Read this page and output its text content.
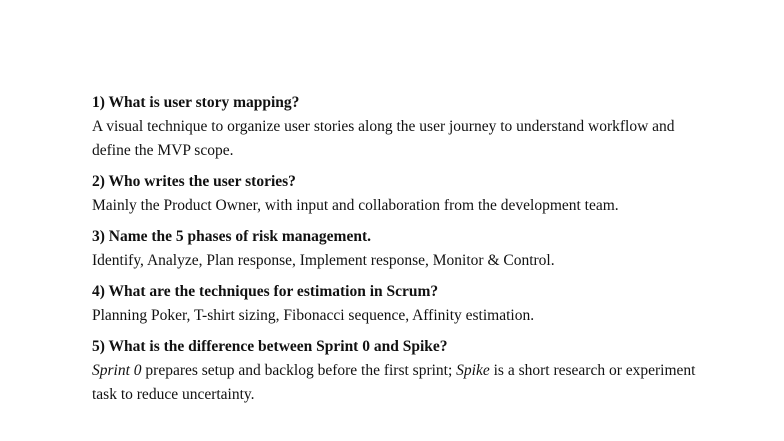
1) What is user story mapping?

A visual technique to organize user stories along the user journey to understand workflow and define the MVP scope.

2) Who writes the user stories?

Mainly the Product Owner, with input and collaboration from the development team.

3) Name the 5 phases of risk management.

Identify, Analyze, Plan response, Implement response, Monitor & Control.

4) What are the techniques for estimation in Scrum?

Planning Poker, T-shirt sizing, Fibonacci sequence, Affinity estimation.

5) What is the difference between Sprint 0 and Spike?

Sprint 0 prepares setup and backlog before the first sprint; Spike is a short research or experiment task to reduce uncertainty.
